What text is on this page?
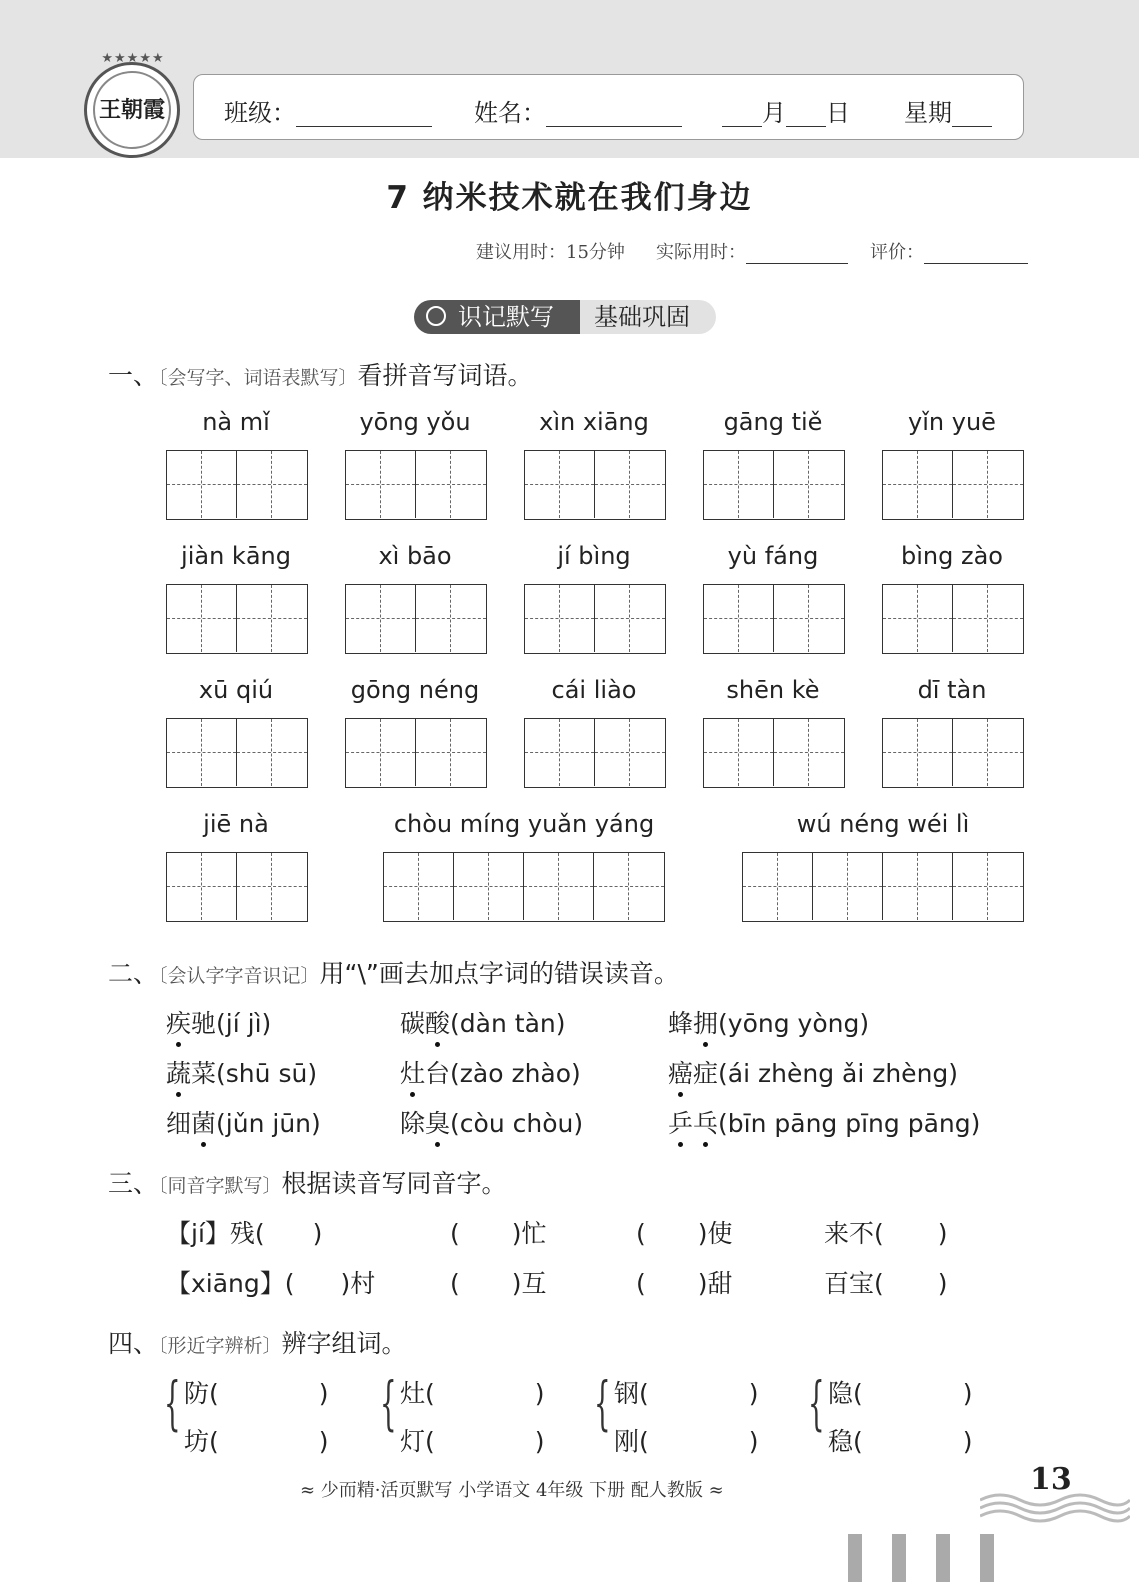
★★★★★
王朝霞	班级：	姓名：	月 日 星期
7 纳米技术就在我们身边
建议用时：15分钟 实际用时：	评价：
识记默写	基础巩固
一、〔会写字、词语表默写〕看拼音写词语。
nà mǐ	yōng yǒu	xìn xiāng	gāng tiě	yǐn yuē
jiàn kāng	xì bāo	jí bìng	yù fáng	bìng zào
xū qiú	gōng néng	cái liào	shēn kè	dī tàn
jiē nà	chòu míng yuǎn yáng	wú néng wéi lì
二、〔会认字字音识记〕用“\”画去加点字词的错误读音。
疾驰(jí jì)	碳酸(dàn tàn)	蜂拥(yōng yòng)
蔬菜(shū sū)	灶台(zào zhào)	癌症(ái zhèng ǎi zhèng)
细菌(jǔn jūn)	除臭(còu chòu)	乒乓(bīn pāng pīng pāng)
三、〔同音字默写〕根据读音写同音字。
【jí】残( )	( )忙	( )使	来不( )
【xiāng】( )村	( )互	( )甜	百宝( )
四、〔形近字辨析〕辨字组词。
{ 防(	)
坊(	)
{ 灶(	)
灯(	)
{ 钢(	)
刚(	)
{ 隐(	)
稳(	)
≈ 少而精·活页默写 小学语文 4年级 下册 配人教版 ≈	13
